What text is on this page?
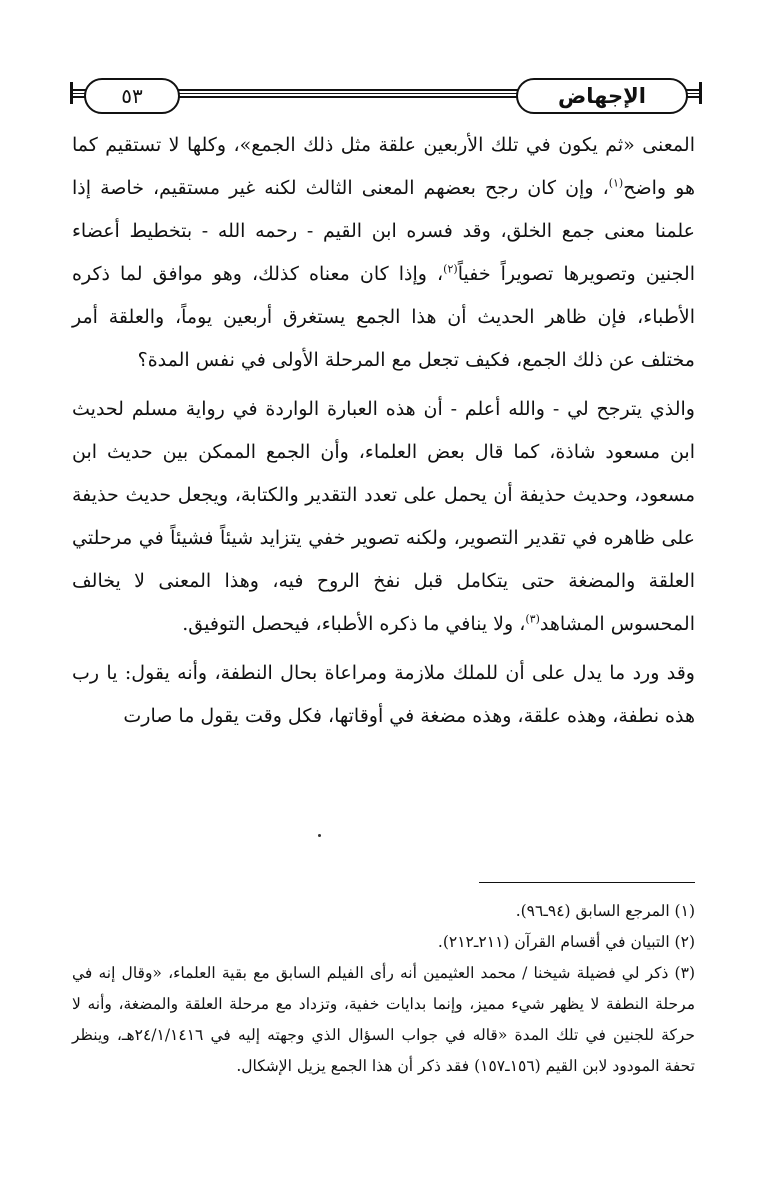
الإجهاض
٥٣

المعنى «ثم يكون في تلك الأربعين علقة مثل ذلك الجمع»، وكلها لا تستقيم كما هو واضح$^{(١)}$، وإن كان رجح بعضهم المعنى الثالث لكنه غير مستقيم، خاصة إذا علمنا معنى جمع الخلق، وقد فسره ابن القيم - رحمه الله - بتخطيط أعضاء الجنين وتصويرها تصويراً خفياً$^{(٢)}$، وإذا كان معناه كذلك، وهو موافق لما ذكره الأطباء، فإن ظاهر الحديث أن هذا الجمع يستغرق أربعين يوماً، والعلقة أمر مختلف عن ذلك الجمع، فكيف تجعل مع المرحلة الأولى في نفس المدة؟

والذي يترجح لي - والله أعلم - أن هذه العبارة الواردة في رواية مسلم لحديث ابن مسعود شاذة، كما قال بعض العلماء، وأن الجمع الممكن بين حديث ابن مسعود، وحديث حذيفة أن يحمل على تعدد التقدير والكتابة، ويجعل حديث حذيفة على ظاهره في تقدير التصوير، ولكنه تصوير خفي يتزايد شيئاً فشيئاً في مرحلتي العلقة والمضغة حتى يتكامل قبل نفخ الروح فيه، وهذا المعنى لا يخالف المحسوس المشاهد$^{(٣)}$، ولا ينافي ما ذكره الأطباء، فيحصل التوفيق.

وقد ورد ما يدل على أن للملك ملازمة ومراعاة بحال النطفة، وأنه يقول: يا رب هذه نطفة، وهذه علقة، وهذه مضغة في أوقاتها، فكل وقت يقول ما صارت

(١) المرجع السابق (٩٤ـ٩٦).

(٢) التبيان في أقسام القرآن (٢١١ـ٢١٢).

(٣) ذكر لي فضيلة شيخنا / محمد العثيمين أنه رأى الفيلم السابق مع بقية العلماء، «وقال إنه في مرحلة النطفة لا يظهر شيء مميز، وإنما بدايات خفية، وتزداد مع مرحلة العلقة والمضغة، وأنه لا حركة للجنين في تلك المدة «قاله في جواب السؤال الذي وجهته إليه في ٢٤/١/١٤١٦هـ، وينظر تحفة المودود لابن القيم (١٥٦ـ١٥٧) فقد ذكر أن هذا الجمع يزيل الإشكال.
